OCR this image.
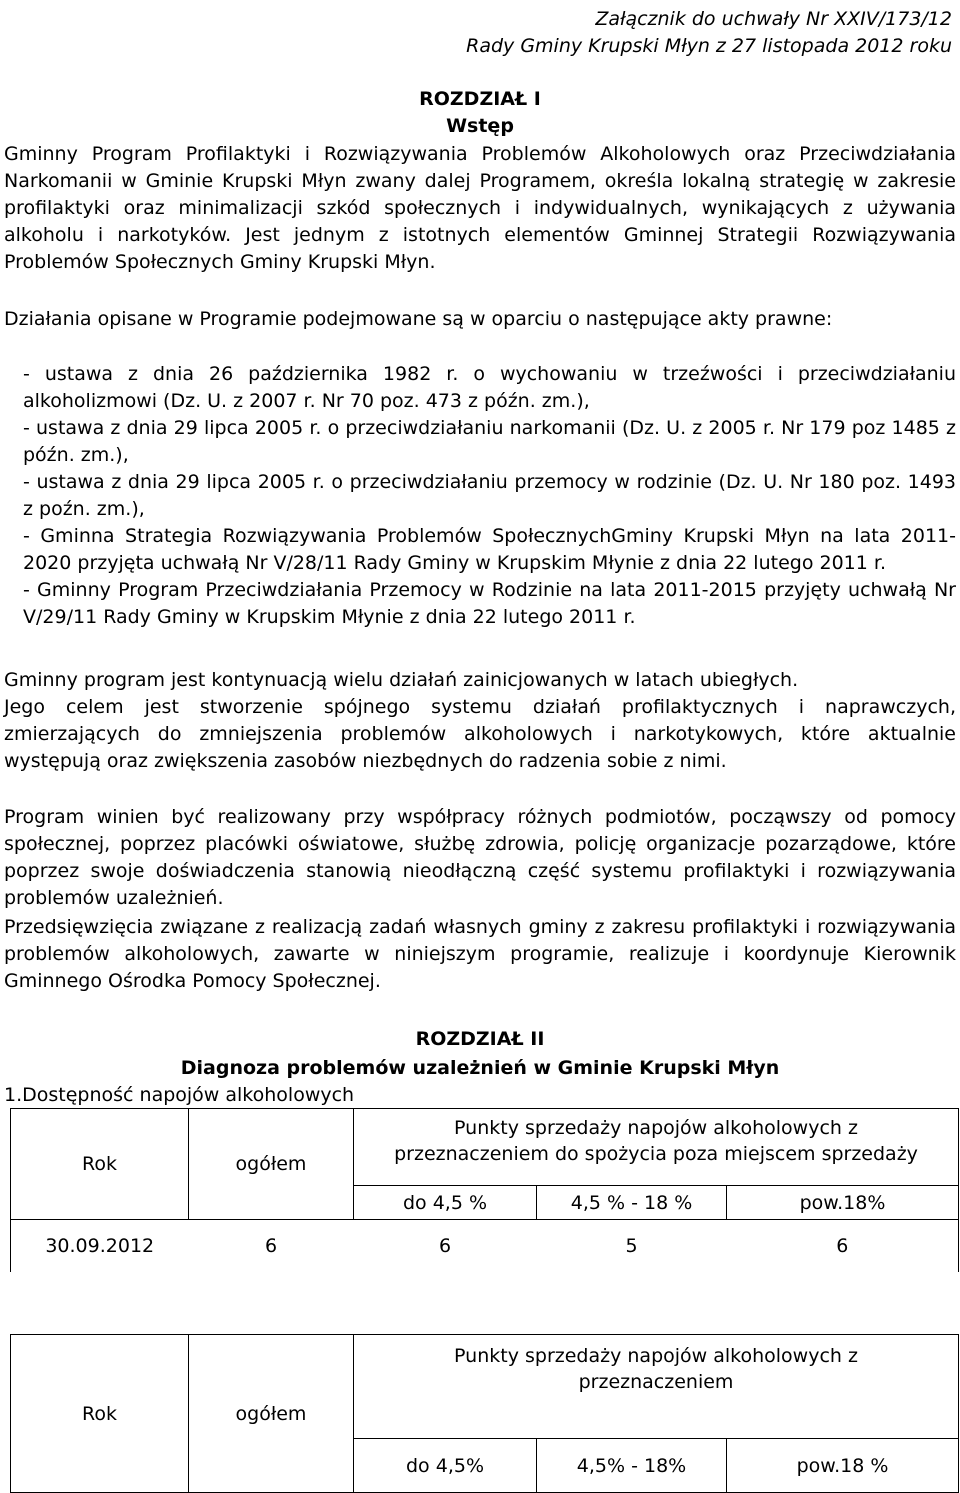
Załącznik do uchwały Nr XXIV/173/12
Rady Gminy Krupski Młyn z 27 listopada 2012 roku
ROZDZIAŁ I
Wstęp
Gminny Program Profilaktyki i Rozwiązywania Problemów Alkoholowych oraz Przeciwdziałania Narkomanii w Gminie Krupski Młyn zwany dalej Programem, określa lokalną strategię w zakresie profilaktyki oraz minimalizacji szkód społecznych i indywidualnych, wynikających z używania alkoholu i narkotyków. Jest jednym z istotnych elementów Gminnej Strategii Rozwiązywania Problemów Społecznych Gminy Krupski Młyn.
Działania opisane w Programie podejmowane są w oparciu o następujące akty prawne:
- ustawa z dnia 26 października 1982 r. o wychowaniu w trzeźwości i przeciwdziałaniu alkoholizmowi (Dz. U. z 2007 r. Nr 70 poz. 473 z późn. zm.),
- ustawa z dnia 29 lipca 2005 r. o przeciwdziałaniu narkomanii (Dz. U. z 2005 r. Nr 179 poz 1485 z późn. zm.),
- ustawa z dnia 29 lipca 2005 r. o przeciwdziałaniu przemocy w rodzinie (Dz. U. Nr 180 poz. 1493 z poźn. zm.),
- Gminna Strategia Rozwiązywania Problemów SpołecznychGminy Krupski Młyn na lata 2011-2020 przyjęta uchwałą Nr V/28/11 Rady Gminy w Krupskim Młynie z dnia 22 lutego 2011 r.
- Gminny Program Przeciwdziałania Przemocy w Rodzinie na lata 2011-2015 przyjęty uchwałą Nr V/29/11 Rady Gminy w Krupskim Młynie z dnia 22 lutego 2011 r.
Gminny program jest kontynuacją wielu działań zainicjowanych w latach ubiegłych.
Jego celem jest stworzenie spójnego systemu działań profilaktycznych i naprawczych, zmierzających do zmniejszenia problemów alkoholowych i narkotykowych, które aktualnie występują oraz zwiększenia zasobów niezbędnych do radzenia sobie z nimi.
Program winien być realizowany przy współpracy różnych podmiotów, począwszy od pomocy społecznej, poprzez placówki oświatowe, służbę zdrowia, policję organizacje pozarządowe, które poprzez swoje doświadczenia stanowią nieodłączną część systemu profilaktyki i rozwiązywania problemów uzależnień.
Przedsięwzięcia związane z realizacją zadań własnych gminy z zakresu profilaktyki i rozwiązywania problemów alkoholowych, zawarte w niniejszym programie, realizuje i koordynuje Kierownik Gminnego Ośrodka Pomocy Społecznej.
ROZDZIAŁ II
Diagnoza problemów uzależnień w Gminie Krupski Młyn
1.Dostępność napojów alkoholowych
Rok	ogółem	Punkty sprzedaży napojów alkoholowych z przeznaczeniem do spożycia poza miejscem sprzedaży		

		do 4,5 %	4,5 % - 18 %	pow.18%
30.09.2012	6	6	5	6
Rok	ogółem	Punkty sprzedaży napojów alkoholowych z przeznaczeniem		

		do 4,5%	4,5% - 18%	pow.18 %
